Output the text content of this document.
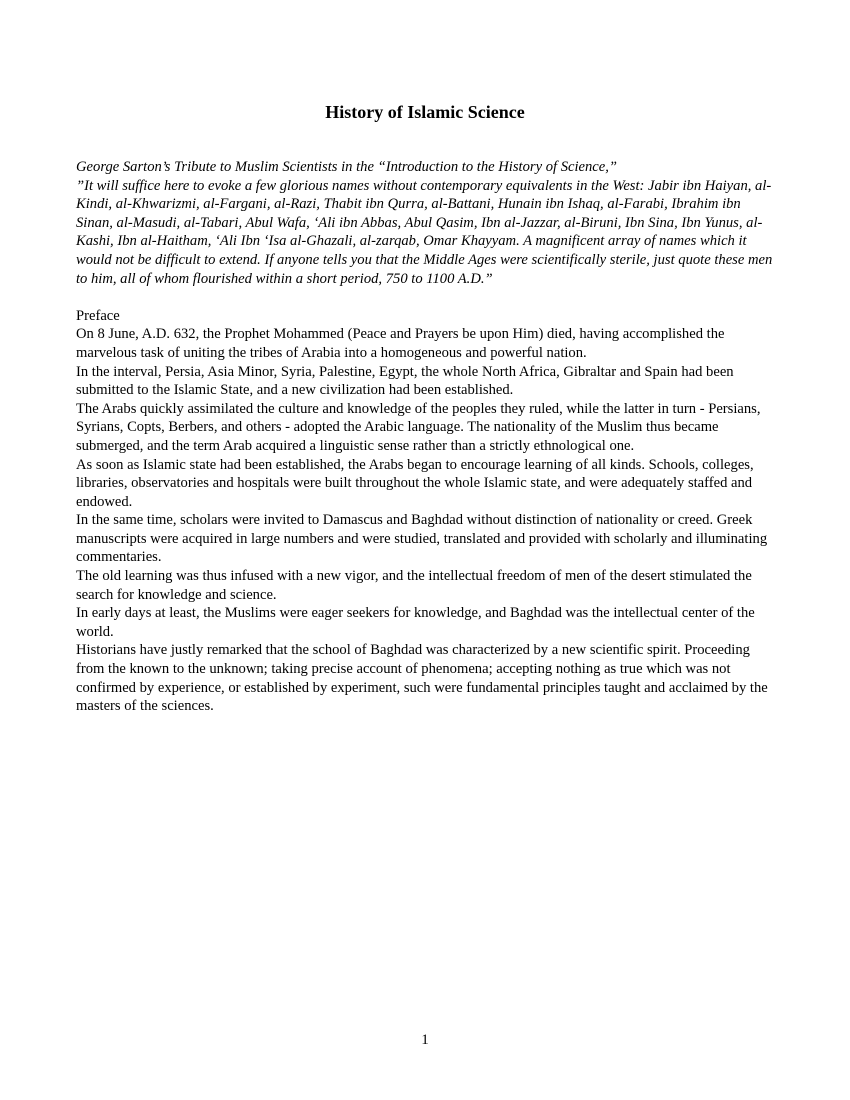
History of Islamic Science

George Sarton’s Tribute to Muslim Scientists in the “Introduction to the History of Science,”

”It will suffice here to evoke a few glorious names without contemporary equivalents in the West: Jabir ibn Haiyan, al-Kindi, al-Khwarizmi, al-Fargani, al-Razi, Thabit ibn Qurra, al-Battani, Hunain ibn Ishaq, al-Farabi, Ibrahim ibn Sinan, al-Masudi, al-Tabari, Abul Wafa, ‘Ali ibn Abbas, Abul Qasim, Ibn al-Jazzar, al-Biruni, Ibn Sina, Ibn Yunus, al-Kashi, Ibn al-Haitham, ‘Ali Ibn ‘Isa al-Ghazali, al-zarqab, Omar Khayyam. A magnificent array of names which it would not be difficult to extend. If anyone tells you that the Middle Ages were scientifically sterile, just quote these men to him, all of whom flourished within a short period, 750 to 1100 A.D.”

Preface

On 8 June, A.D. 632, the Prophet Mohammed (Peace and Prayers be upon Him) died, having accomplished the marvelous task of uniting the tribes of Arabia into a homogeneous and powerful nation.

In the interval, Persia, Asia Minor, Syria, Palestine, Egypt, the whole North Africa, Gibraltar and Spain had been submitted to the Islamic State, and a new civilization had been established.

The Arabs quickly assimilated the culture and knowledge of the peoples they ruled, while the latter in turn - Persians, Syrians, Copts, Berbers, and others - adopted the Arabic language. The nationality of the Muslim thus became submerged, and the term Arab acquired a linguistic sense rather than a strictly ethnological one.

As soon as Islamic state had been established, the Arabs began to encourage learning of all kinds. Schools, colleges, libraries, observatories and hospitals were built throughout the whole Islamic state, and were adequately staffed and endowed.

In the same time, scholars were invited to Damascus and Baghdad without distinction of nationality or creed. Greek manuscripts were acquired in large numbers and were studied, translated and provided with scholarly and illuminating commentaries.

The old learning was thus infused with a new vigor, and the intellectual freedom of men of the desert stimulated the search for knowledge and science.

In early days at least, the Muslims were eager seekers for knowledge, and Baghdad was the intellectual center of the world.

Historians have justly remarked that the school of Baghdad was characterized by a new scientific spirit. Proceeding from the known to the unknown; taking precise account of phenomena; accepting nothing as true which was not confirmed by experience, or established by experiment, such were fundamental principles taught and acclaimed by the masters of the sciences.

1
